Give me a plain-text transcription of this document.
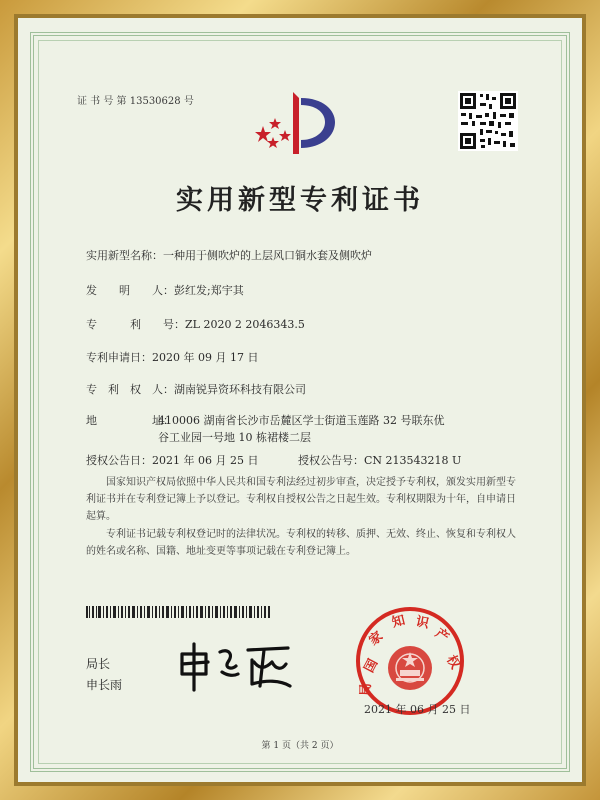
证 书 号 第 13530628 号
实用新型专利证书
实用新型名称：一种用于侧吹炉的上层风口铜水套及侧吹炉
发　　明　　人：彭红发;郑宇其
专　　　利　　号：ZL 2020 2 2046343.5
专利申请日：2020 年 09 月 17 日
专　利　权　人：湖南锐异资环科技有限公司
地　　　　　址：
410006 湖南省长沙市岳麓区学士街道玉莲路 32 号联东优
谷工业园一号地 10 栋裙楼二层
授权公告日：2021 年 06 月 25 日	授权公告号：CN 213543218 U
国家知识产权局依照中华人民共和国专利法经过初步审查，决定授予专利权，颁发实用新型专利证书并在专利登记簿上予以登记。专利权自授权公告之日起生效。专利权期限为十年，自申请日起算。
专利证书记载专利权登记时的法律状况。专利权的转移、质押、无效、终止、恢复和专利权人的姓名或名称、国籍、地址变更等事项记载在专利登记簿上。
局长
申长雨
国
家
知 识
产
权
局
2021 年 06 月 25 日
第 1 页（共 2 页）
